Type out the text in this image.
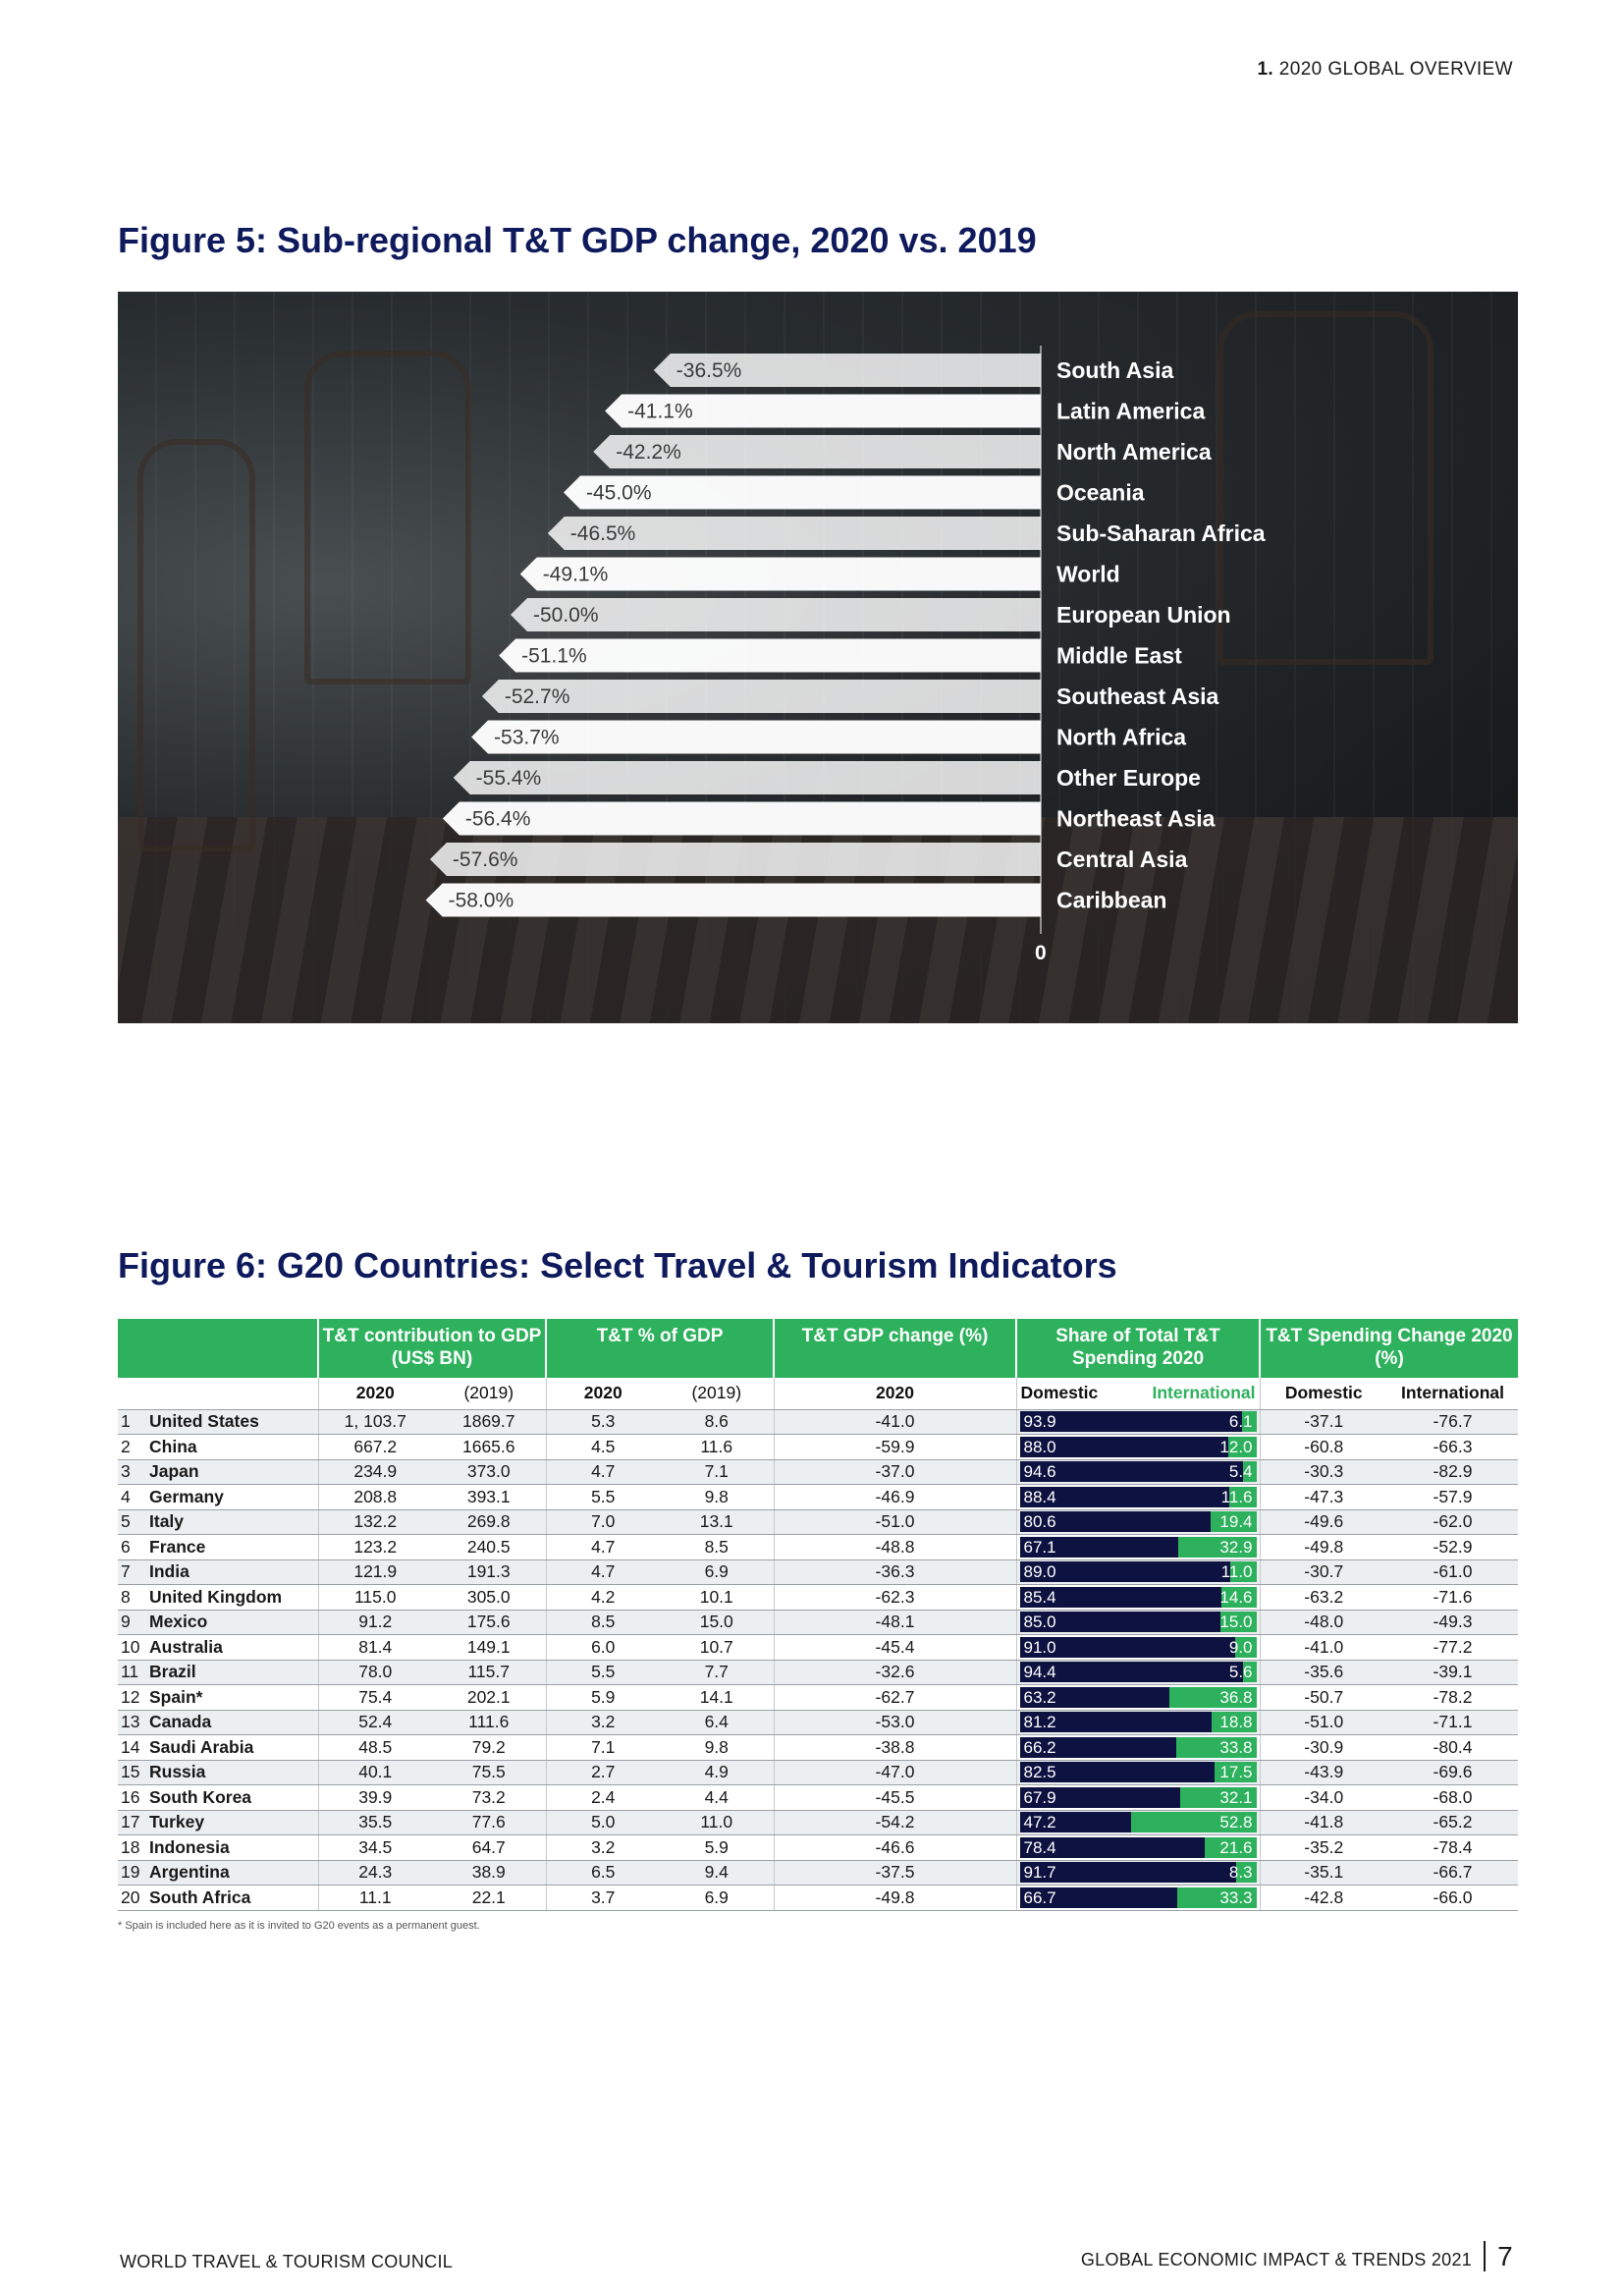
1. 2020 GLOBAL OVERVIEW
Figure 5: Sub-regional T&T GDP change, 2020 vs. 2019
-36.5%	South Asia
-41.1%	Latin America
-42.2%	North America
-45.0%	Oceania
-46.5%	Sub-Saharan Africa
-49.1%	World
-50.0%	European Union
-51.1%	Middle East
-52.7%	Southeast Asia
-53.7%	North Africa
-55.4%	Other Europe
-56.4%	Northeast Asia
-57.6%	Central Asia
-58.0%	Caribbean
0
Figure 6: G20 Countries: Select Travel & Tourism Indicators
		T&T contribution to GDP (US$ BN)		T&T % of GDP		T&T GDP change (%)	Share of Total T&T Spending 2020	T&T Spending Change 2020 (%)	
		2020	(2019)	2020	(2019)	2020	Domestic International	Domestic	International
1	United States	1, 103.7	1869.7	5.3	8.6	-41.0	93.9 6.1	-37.1	-76.7
2	China	667.2	1665.6	4.5	11.6	-59.9	88.0 12.0	-60.8	-66.3
3	Japan	234.9	373.0	4.7	7.1	-37.0	94.6 5.4	-30.3	-82.9
4	Germany	208.8	393.1	5.5	9.8	-46.9	88.4 11.6	-47.3	-57.9
5	Italy	132.2	269.8	7.0	13.1	-51.0	80.6 19.4	-49.6	-62.0
6	France	123.2	240.5	4.7	8.5	-48.8	67.1 32.9	-49.8	-52.9
7	India	121.9	191.3	4.7	6.9	-36.3	89.0 11.0	-30.7	-61.0
8	United Kingdom	115.0	305.0	4.2	10.1	-62.3	85.4 14.6	-63.2	-71.6
9	Mexico	91.2	175.6	8.5	15.0	-48.1	85.0 15.0	-48.0	-49.3
10	Australia	81.4	149.1	6.0	10.7	-45.4	91.0 9.0	-41.0	-77.2
11	Brazil	78.0	115.7	5.5	7.7	-32.6	94.4 5.6	-35.6	-39.1
12	Spain*	75.4	202.1	5.9	14.1	-62.7	63.2 36.8	-50.7	-78.2
13	Canada	52.4	111.6	3.2	6.4	-53.0	81.2 18.8	-51.0	-71.1
14	Saudi Arabia	48.5	79.2	7.1	9.8	-38.8	66.2 33.8	-30.9	-80.4
15	Russia	40.1	75.5	2.7	4.9	-47.0	82.5 17.5	-43.9	-69.6
16	South Korea	39.9	73.2	2.4	4.4	-45.5	67.9 32.1	-34.0	-68.0
17	Turkey	35.5	77.6	5.0	11.0	-54.2	47.2 52.8	-41.8	-65.2
18	Indonesia	34.5	64.7	3.2	5.9	-46.6	78.4 21.6	-35.2	-78.4
19	Argentina	24.3	38.9	6.5	9.4	-37.5	91.7 8.3	-35.1	-66.7
20	South Africa	11.1	22.1	3.7	6.9	-49.8	66.7 33.3	-42.8	-66.0
* Spain is included here as it is invited to G20 events as a permanent guest.
WORLD TRAVEL & TOURISM COUNCIL	GLOBAL ECONOMIC IMPACT & TRENDS 2021 7
